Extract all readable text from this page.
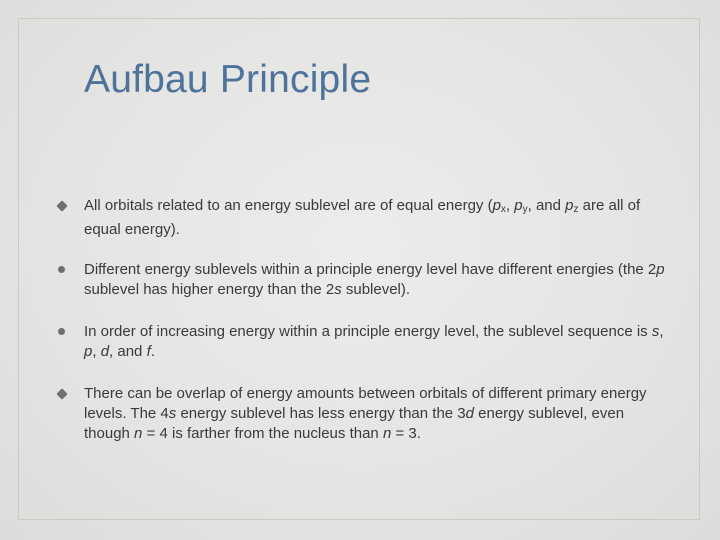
Aufbau Principle
All orbitals related to an energy sublevel are of equal energy ($p_x$, $p_y$, and $p_z$ are all of equal energy).
Different energy sublevels within a principle energy level have different energies (the 2p sublevel has higher energy than the 2s sublevel).
In order of increasing energy within a principle energy level, the sublevel sequence is s, p, d, and f.
There can be overlap of energy amounts between orbitals of different primary energy levels. The 4s energy sublevel has less energy than the 3d energy sublevel, even though n = 4 is farther from the nucleus than n = 3.
